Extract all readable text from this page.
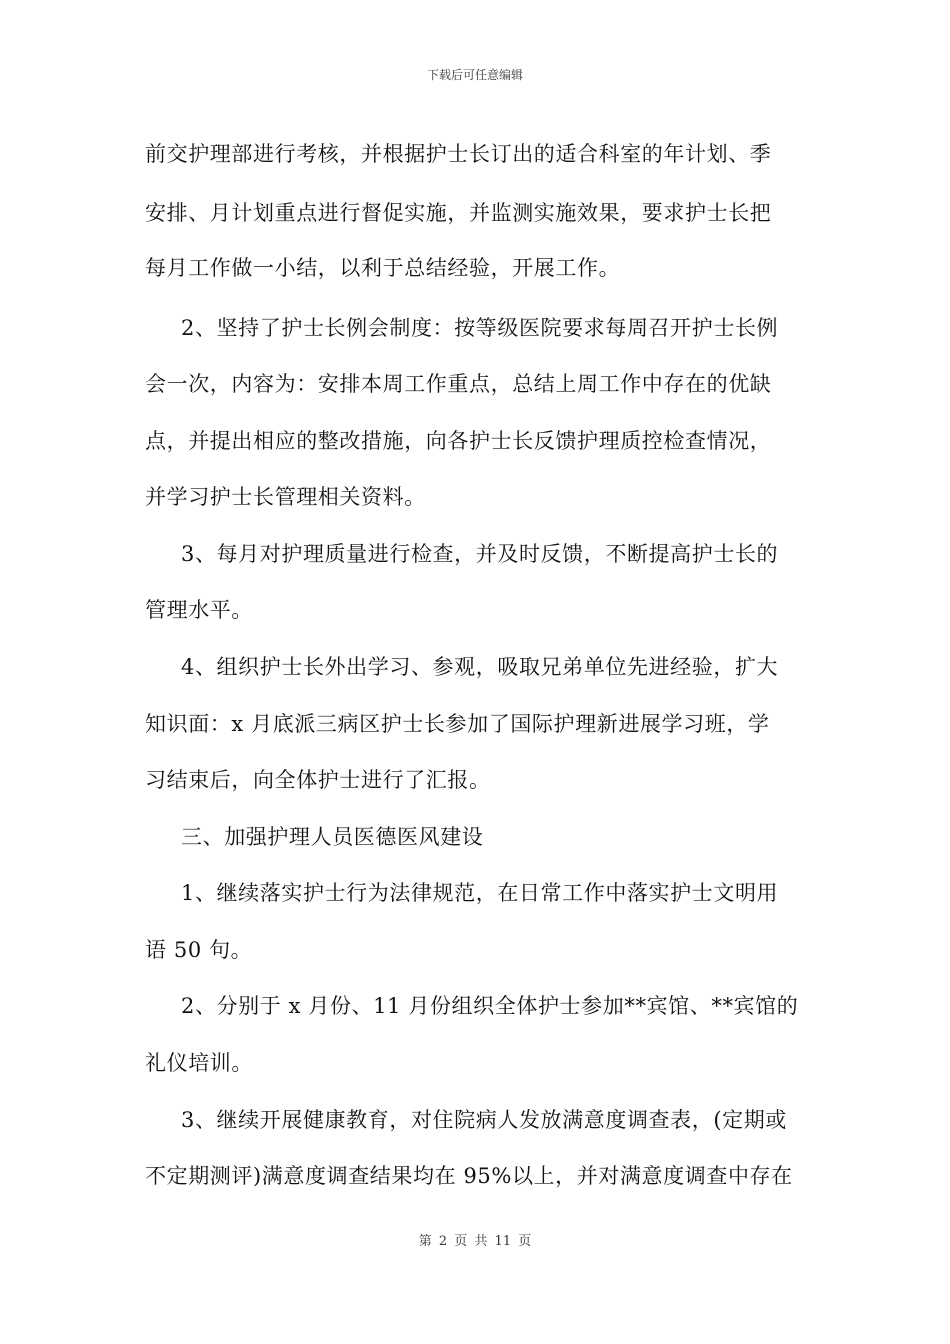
下载后可任意编辑
前交护理部进行考核，并根据护士长订出的适合科室的年计划、季
安排、月计划重点进行督促实施，并监测实施效果，要求护士长把
每月工作做一小结，以利于总结经验，开展工作。
2、坚持了护士长例会制度：按等级医院要求每周召开护士长例
会一次，内容为：安排本周工作重点，总结上周工作中存在的优缺
点，并提出相应的整改措施，向各护士长反馈护理质控检查情况，
并学习护士长管理相关资料。
3、每月对护理质量进行检查，并及时反馈，不断提高护士长的
管理水平。
4、组织护士长外出学习、参观，吸取兄弟单位先进经验，扩大
知识面：x 月底派三病区护士长参加了国际护理新进展学习班，学
习结束后，向全体护士进行了汇报。
三、加强护理人员医德医风建设
1、继续落实护士行为法律规范，在日常工作中落实护士文明用
语 50 句。
2、分别于 x 月份、11 月份组织全体护士参加**宾馆、**宾馆的
礼仪培训。
3、继续开展健康教育，对住院病人发放满意度调查表，(定期或
不定期测评)满意度调查结果均在 95%以上，并对满意度调查中存在
第 2 页 共 11 页
